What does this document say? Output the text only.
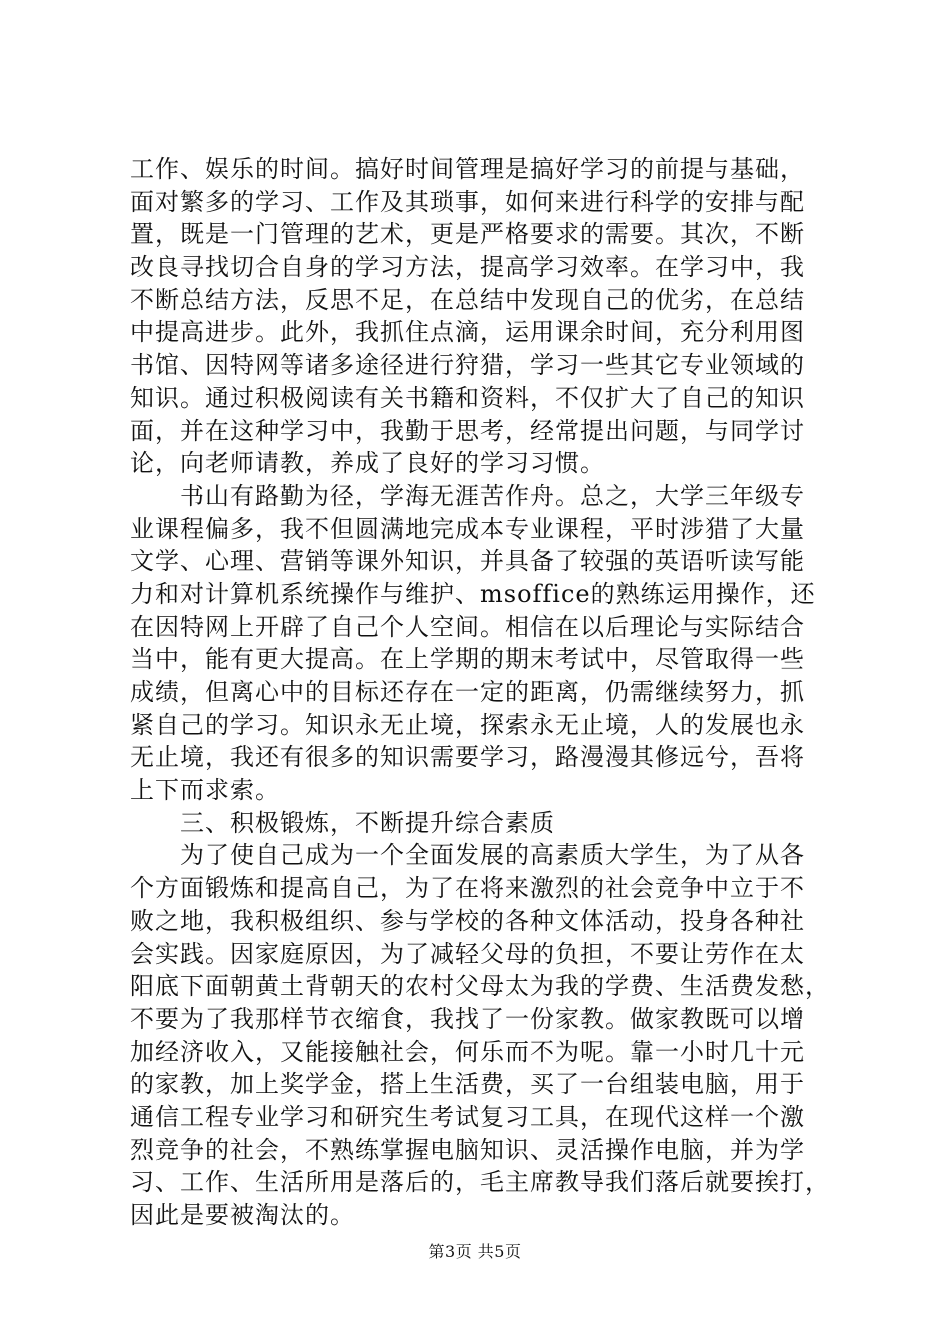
工作、娱乐的时间。搞好时间管理是搞好学习的前提与基础，
面对繁多的学习、工作及其琐事，如何来进行科学的安排与配
置，既是一门管理的艺术，更是严格要求的需要。其次，不断
改良寻找切合自身的学习方法，提高学习效率。在学习中，我
不断总结方法，反思不足，在总结中发现自己的优劣，在总结
中提高进步。此外，我抓住点滴，运用课余时间，充分利用图
书馆、因特网等诸多途径进行狩猎，学习一些其它专业领域的
知识。通过积极阅读有关书籍和资料，不仅扩大了自己的知识
面，并在这种学习中，我勤于思考，经常提出问题，与同学讨
论，向老师请教，养成了良好的学习习惯。
　　书山有路勤为径，学海无涯苦作舟。总之，大学三年级专
业课程偏多，我不但圆满地完成本专业课程，平时涉猎了大量
文学、心理、营销等课外知识，并具备了较强的英语听读写能
力和对计算机系统操作与维护、msoffice的熟练运用操作，还
在因特网上开辟了自己个人空间。相信在以后理论与实际结合
当中，能有更大提高。在上学期的期末考试中，尽管取得一些
成绩，但离心中的目标还存在一定的距离，仍需继续努力，抓
紧自己的学习。知识永无止境，探索永无止境，人的发展也永
无止境，我还有很多的知识需要学习，路漫漫其修远兮，吾将
上下而求索。
　　三、积极锻炼，不断提升综合素质
　　为了使自己成为一个全面发展的高素质大学生，为了从各
个方面锻炼和提高自己，为了在将来激烈的社会竞争中立于不
败之地，我积极组织、参与学校的各种文体活动，投身各种社
会实践。因家庭原因，为了减轻父母的负担，不要让劳作在太
阳底下面朝黄土背朝天的农村父母太为我的学费、生活费发愁，
不要为了我那样节衣缩食，我找了一份家教。做家教既可以增
加经济收入，又能接触社会，何乐而不为呢。靠一小时几十元
的家教，加上奖学金，搭上生活费，买了一台组装电脑，用于
通信工程专业学习和研究生考试复习工具，在现代这样一个激
烈竞争的社会，不熟练掌握电脑知识、灵活操作电脑，并为学
习、工作、生活所用是落后的，毛主席教导我们落后就要挨打，
因此是要被淘汰的。
第3页 共5页
